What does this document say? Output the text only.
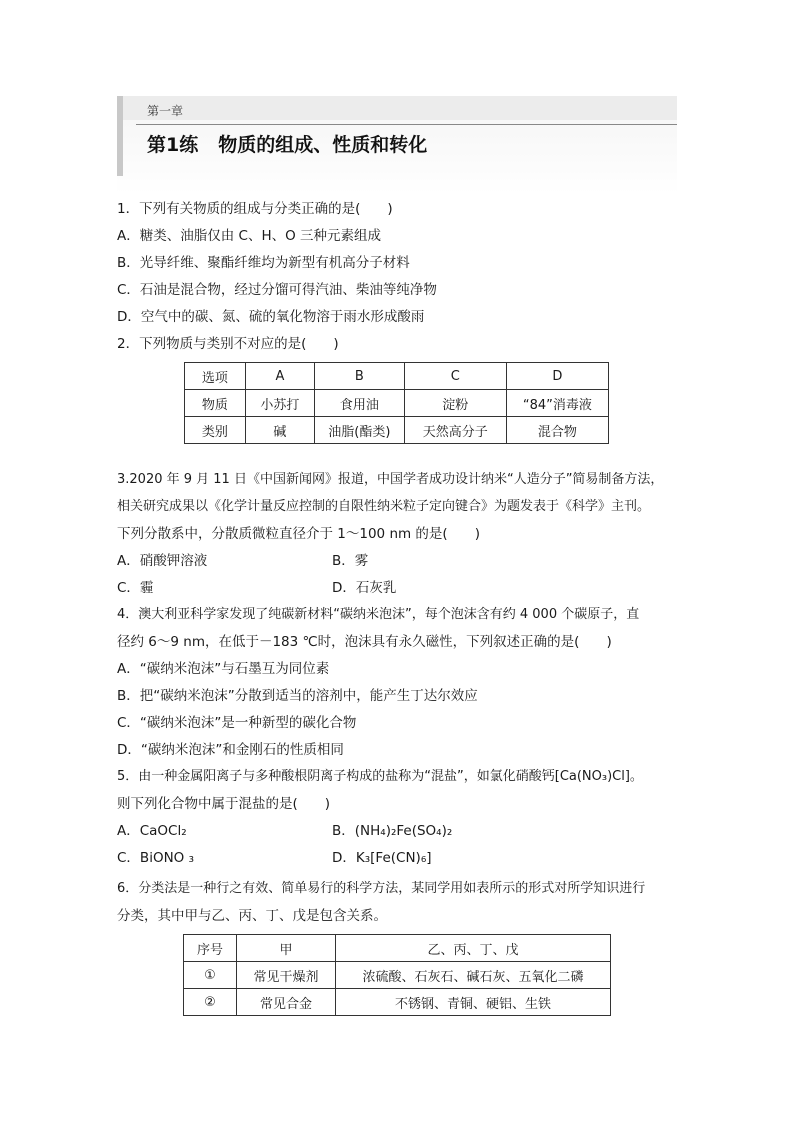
第一章
第1练 物质的组成、性质和转化
1．下列有关物质的组成与分类正确的是(　　)
A．糖类、油脂仅由 C、H、O 三种元素组成
B．光导纤维、聚酯纤维均为新型有机高分子材料
C．石油是混合物，经过分馏可得汽油、柴油等纯净物
D．空气中的碳、氮、硫的氧化物溶于雨水形成酸雨
2．下列物质与类别不对应的是(　　)
选项	A	B	C	D
物质	小苏打	食用油	淀粉	“84”消毒液
类别	碱	油脂(酯类)	天然高分子	混合物
3.2020 年 9 月 11 日《中国新闻网》报道，中国学者成功设计纳米“人造分子”简易制备方法，
相关研究成果以《化学计量反应控制的自限性纳米粒子定向键合》为题发表于《科学》主刊。
下列分散系中，分散质微粒直径介于 1～100 nm 的是(　　)
A．硝酸钾溶液	B．雾
C．霾	D．石灰乳
4．澳大利亚科学家发现了纯碳新材料“碳纳米泡沫”，每个泡沫含有约 4 000 个碳原子，直
径约 6～9 nm，在低于－183 ℃时，泡沫具有永久磁性，下列叙述正确的是(　　)
A．“碳纳米泡沫”与石墨互为同位素
B．把“碳纳米泡沫”分散到适当的溶剂中，能产生丁达尔效应
C．“碳纳米泡沫”是一种新型的碳化合物
D．“碳纳米泡沫”和金刚石的性质相同
5．由一种金属阳离子与多种酸根阴离子构成的盐称为“混盐”，如氯化硝酸钙[Ca(NO₃)Cl]。
则下列化合物中属于混盐的是(　　)
A．CaOCl₂	B．(NH₄)₂Fe(SO₄)₂
C．BiONO ₃	D．K₃[Fe(CN)₆]
6．分类法是一种行之有效、简单易行的科学方法，某同学用如表所示的形式对所学知识进行
分类，其中甲与乙、丙、丁、戊是包含关系。
序号	甲	乙、丙、丁、戊
①	常见干燥剂	浓硫酸、石灰石、碱石灰、五氧化二磷
②	常见合金	不锈钢、青铜、硬铝、生铁
